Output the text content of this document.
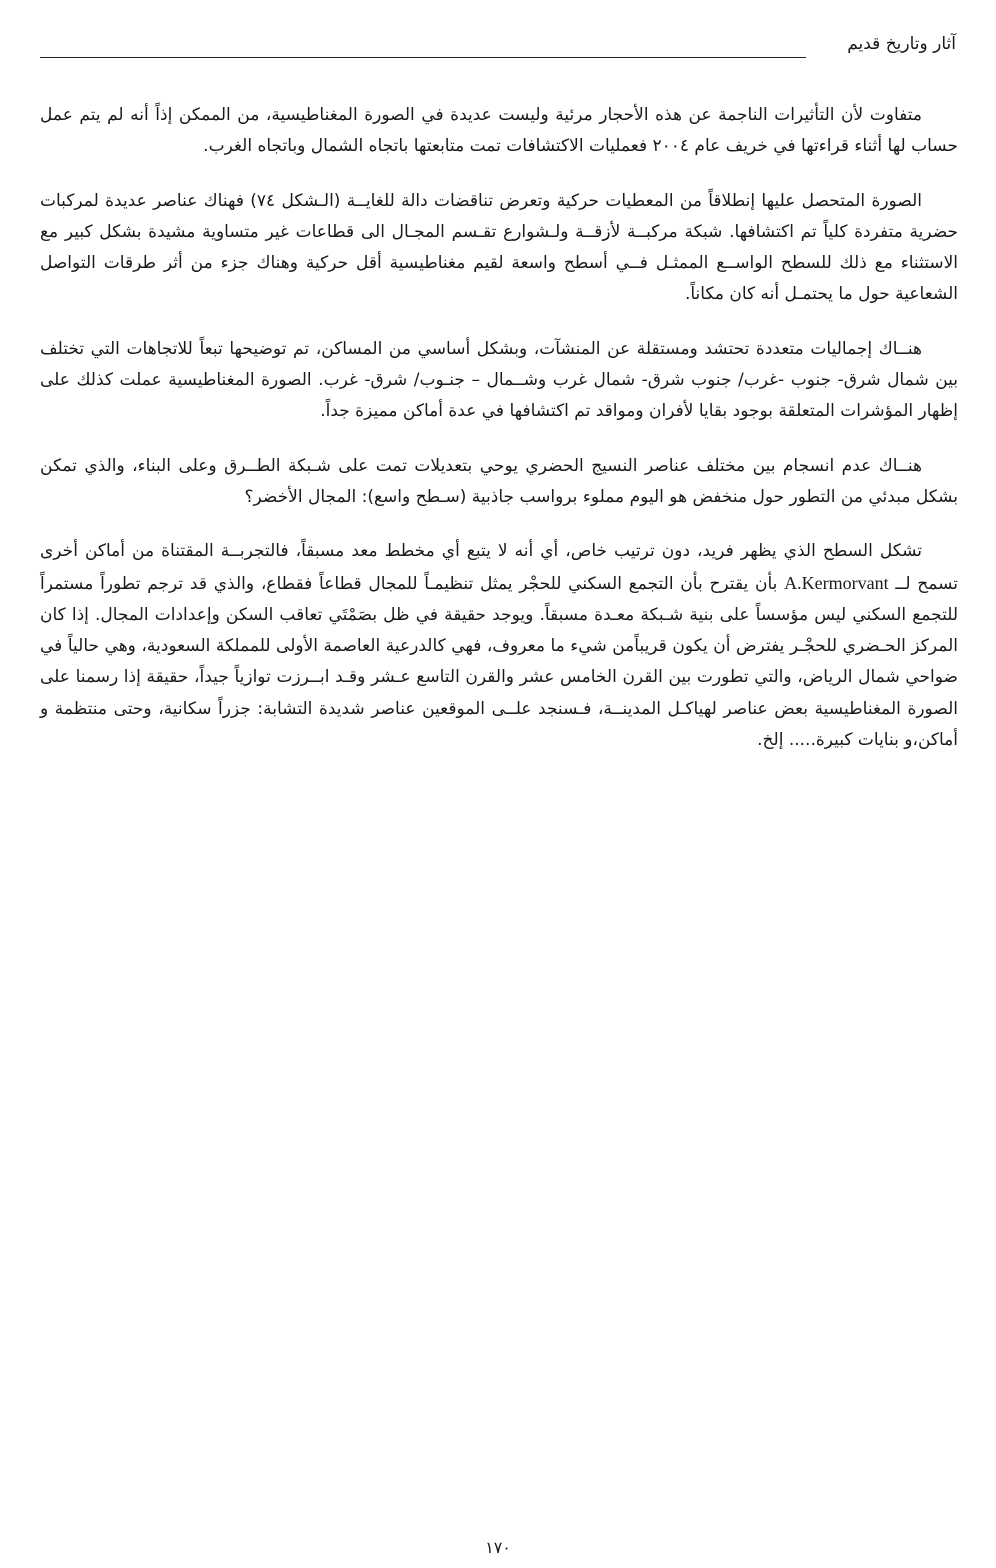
آثار وتاريخ قديم

متفاوت لأن التأثيرات الناجمة عن هذه الأحجار مرئية وليست عديدة في الصورة المغناطيسية، من الممكن إذاً أنه لم يتم عمل حساب لها أثناء قراءتها في خريف عام ٢٠٠٤ فعمليات الاكتشافات تمت متابعتها باتجاه الشمال وباتجاه الغرب.

الصورة المتحصل عليها إنطلاقاً من المعطيات حركية وتعرض تناقضات دالة للغايــة (الـشكل ٧٤) فهناك عناصر عديدة لمركبات حضرية متفردة كلياً تم اكتشافها. شبكة مركبــة لأزقــة ولـشوارع تقـسم المجـال الى قطاعات غير متساوية مشيدة بشكل كبير مع الاستثناء مع ذلك للسطح الواســع الممثـل فــي أسطح واسعة لقيم مغناطيسية أقل حركية وهناك جزء من أثر طرقات التواصل الشعاعية حول ما يحتمـل أنه كان مكاناً.

هنــاك إجماليات متعددة تحتشد ومستقلة عن المنشآت، وبشكل أساسي من المساكن، تم توضيحها تبعاً للاتجاهات التي تختلف بين شمال شرق- جنوب -غرب/ جنوب شرق- شمال غرب وشــمال – جنـوب/ شرق- غرب. الصورة المغناطيسية عملت كذلك على إظهار المؤشرات المتعلقة بوجود بقايا لأفران ومواقد تم اكتشافها في عدة أماكن مميزة جداً.

هنــاك عدم انسجام بين مختلف عناصر النسيج الحضري يوحي بتعديلات تمت على شـبكة الطــرق وعلى البناء، والذي تمكن بشكل مبدئي من التطور حول منخفض هو اليوم مملوء برواسب جاذبية (سـطح واسع): المجال الأخضر؟

تشكل السطح الذي يظهر فريد، دون ترتيب خاص، أي أنه لا يتبع أي مخطط معد مسبقاً، فالتجربــة المقتناة من أماكن أخرى تسمح لــ A.Kermorvant بأن يقترح بأن التجمع السكني للحجْر يمثل تنظيمـاً للمجال قطاعاً فقطاع، والذي قد ترجم تطوراً مستمراً للتجمع السكني ليس مؤسساً على بنية شـبكة معـدة مسبقاً. ويوجد حقيقة في ظل بصَمْتَي تعاقب السكن وإعدادات المجال. إذا كان المركز الحـضري للحجْـر يفترض أن يكون قريباًمن شيء ما معروف، فهي كالدرعية العاصمة الأولى للمملكة السعودية، وهي حالياً في ضواحي شمال الرياض، والتي تطورت بين القرن الخامس عشر والقرن التاسع عـشر وقـد ابــرزت توازياً جيداً، حقيقة إذا رسمنا على الصورة المغناطيسية بعض عناصر لهياكـل المدينــة، فـسنجد علــى الموقعين عناصر شديدة التشابة: جزراً سكانية، وحتى منتظمة و أماكن،و بنايات كبيرة..... إلخ.

١٧٠
